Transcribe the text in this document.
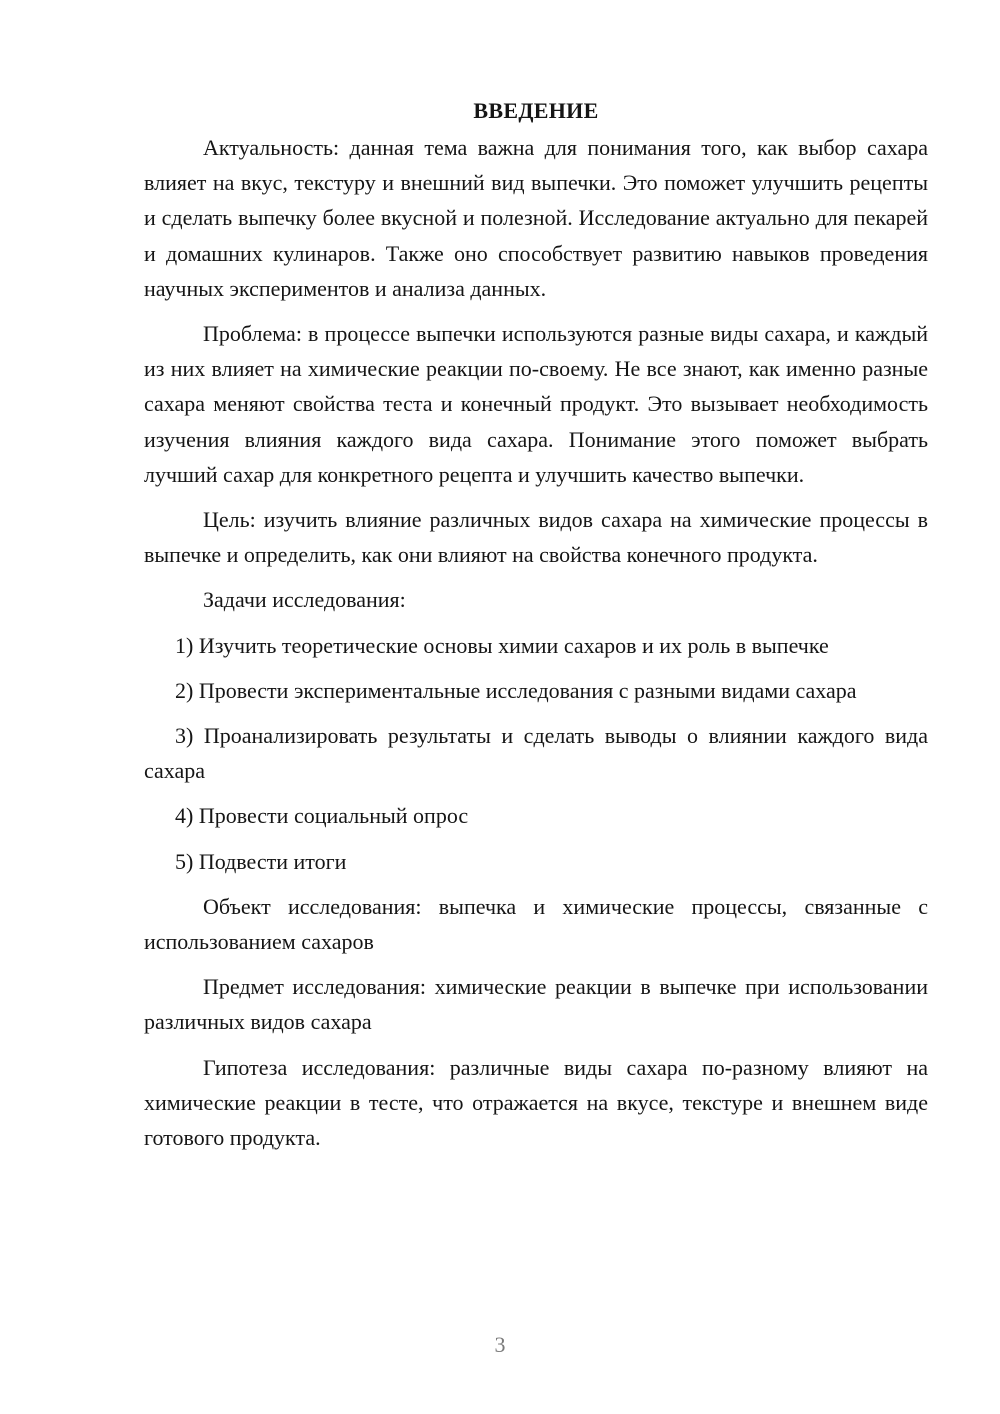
ВВЕДЕНИЕ

Актуальность: данная тема важна для понимания того, как выбор сахара влияет на вкус, текстуру и внешний вид выпечки. Это поможет улучшить рецепты и сделать выпечку более вкусной и полезной. Исследование актуально для пекарей и домашних кулинаров. Также оно способствует развитию навыков проведения научных экспериментов и анализа данных.

Проблема: в процессе выпечки используются разные виды сахара, и каждый из них влияет на химические реакции по-своему. Не все знают, как именно разные сахара меняют свойства теста и конечный продукт. Это вызывает необходимость изучения влияния каждого вида сахара. Понимание этого поможет выбрать лучший сахар для конкретного рецепта и улучшить качество выпечки.

Цель: изучить влияние различных видов сахара на химические процессы в выпечке и определить, как они влияют на свойства конечного продукта.

Задачи исследования:

1) Изучить теоретические основы химии сахаров и их роль в выпечке

2) Провести экспериментальные исследования с разными видами сахара

3) Проанализировать результаты и сделать выводы о влиянии каждого вида сахара

4) Провести социальный опрос

5) Подвести итоги

Объект исследования: выпечка и химические процессы, связанные с использованием сахаров

Предмет исследования: химические реакции в выпечке при использовании различных видов сахара

Гипотеза исследования: различные виды сахара по-разному влияют на химические реакции в тесте, что отражается на вкусе, текстуре и внешнем виде готового продукта.

3
